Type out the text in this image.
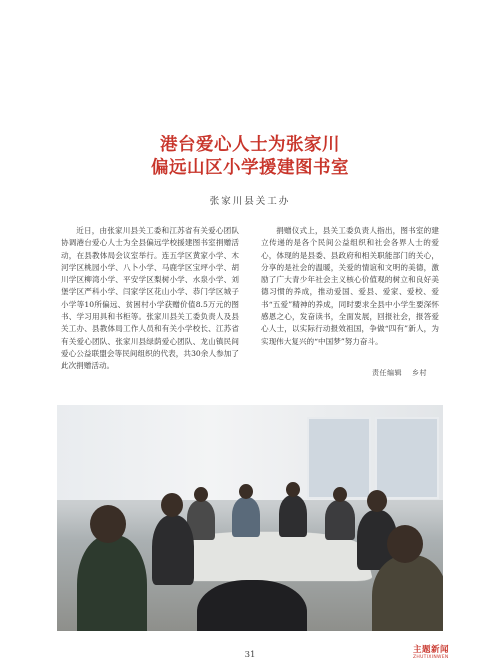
港台爱心人士为张家川
偏远山区小学援建图书室
张家川县关工办

近日，由张家川县关工委和江苏省有关爱心团队协调港台爱心人士为全县偏远学校援建图书室捐赠活动，在县教体局会议室举行。连五学区黄家小学、木河学区桃园小学、八卜小学、马鹿学区宝坪小学、胡川学区柳湾小学、平安学区梨树小学、水泉小学、刘堡学区严科小学、闫家学区花山小学、恭门学区城子小学等10所偏远、贫困村小学获赠价值8.5万元的图书、学习用具和书柜等。张家川县关工委负责人及县关工办、县教体局工作人员和有关小学校长、江苏省有关爱心团队、张家川县绿荫爱心团队、龙山镇民间爱心公益联盟会等民间组织的代表，共30余人参加了此次捐赠活动。

捐赠仪式上，县关工委负责人指出，图书室的建立传递的是各个民间公益组织和社会各界人士的爱心，体现的是县委、县政府和相关职能部门的关心，分享的是社会的温暖，关爱的情谊和文明的美德，激励了广大青少年社会主义核心价值观的树立和良好美德习惯的养成，推动爱国、爱县、爱家、爱校、爱书“五爱”精神的养成，同时要求全县中小学生要深怀感恩之心，发奋读书，全面发展，回报社会，报答爱心人士，以实际行动报效祖国，争做“四有”新人，为实现伟大复兴的“中国梦”努力奋斗。

责任编辑 乡村
主题新闻
ZHUTIXINWEN
31
